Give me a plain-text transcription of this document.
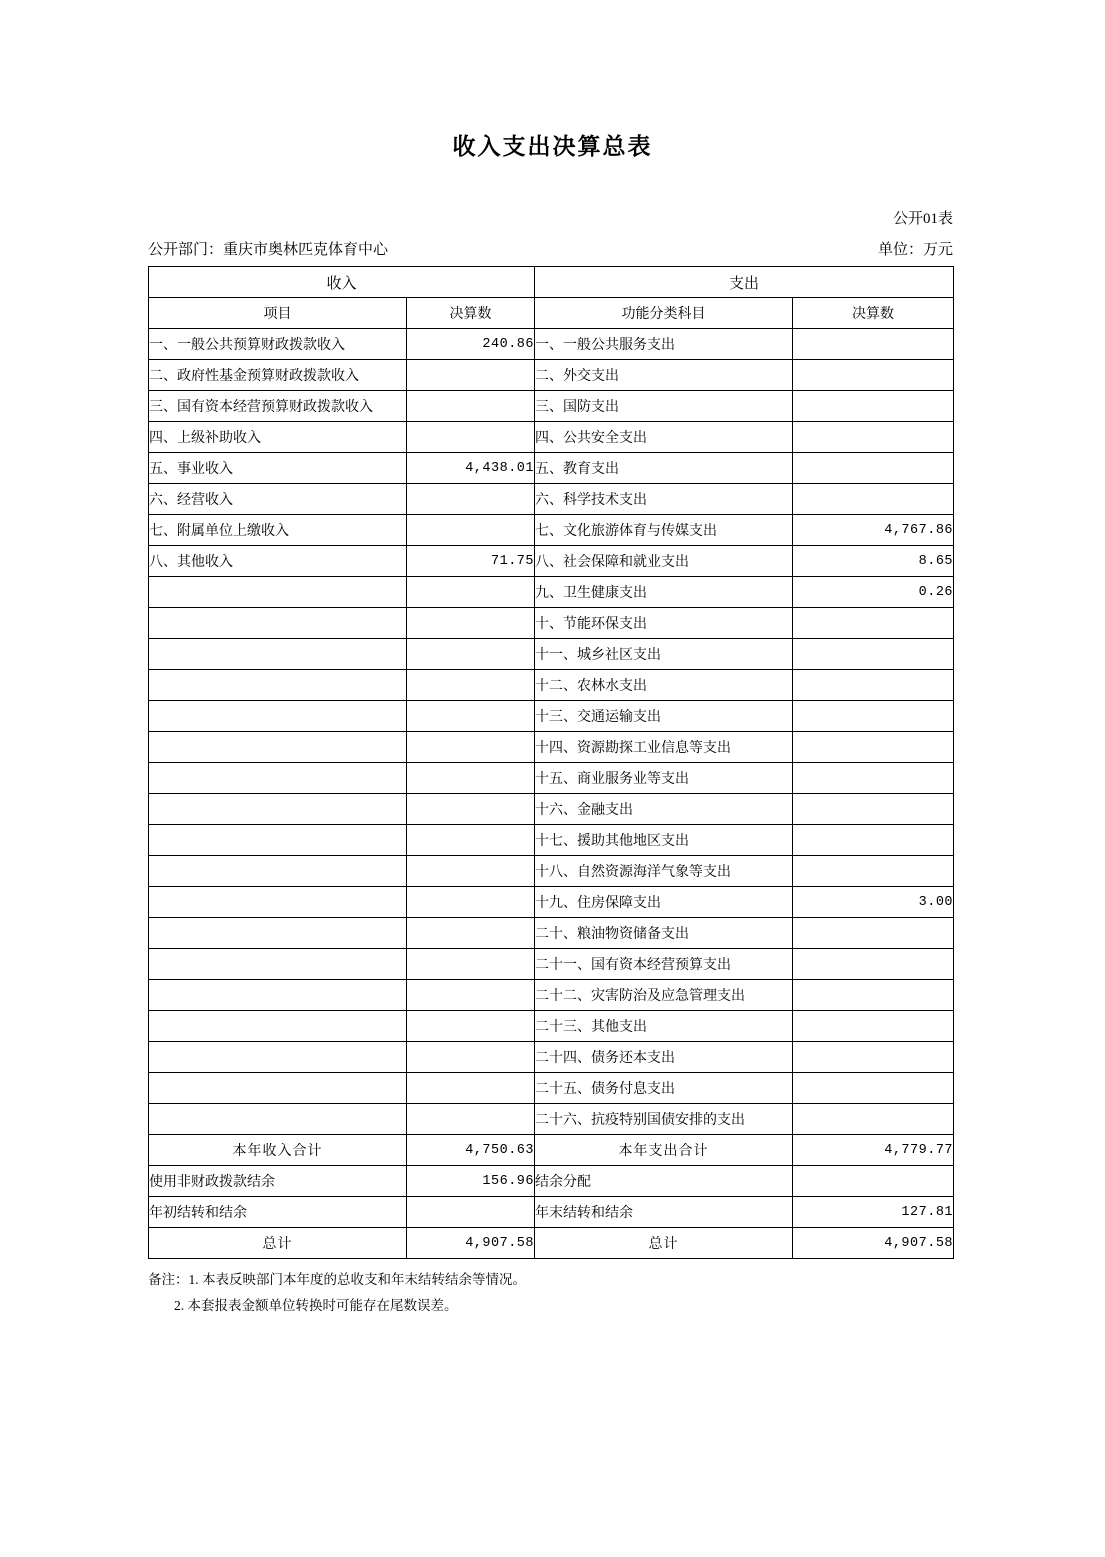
收入支出决算总表
公开01表
公开部门：重庆市奥林匹克体育中心	单位：万元
收入		支出	
项目	决算数	功能分类科目	决算数
一、一般公共预算财政拨款收入	240.86	一、一般公共服务支出	
二、政府性基金预算财政拨款收入		二、外交支出	
三、国有资本经营预算财政拨款收入		三、国防支出	
四、上级补助收入		四、公共安全支出	
五、事业收入	4,438.01	五、教育支出	
六、经营收入		六、科学技术支出	
七、附属单位上缴收入		七、文化旅游体育与传媒支出	4,767.86
八、其他收入	71.75	八、社会保障和就业支出	8.65
		九、卫生健康支出	0.26
		十、节能环保支出	
		十一、城乡社区支出	
		十二、农林水支出	
		十三、交通运输支出	
		十四、资源勘探工业信息等支出	
		十五、商业服务业等支出	
		十六、金融支出	
		十七、援助其他地区支出	
		十八、自然资源海洋气象等支出	
		十九、住房保障支出	3.00
		二十、粮油物资储备支出	
		二十一、国有资本经营预算支出	
		二十二、灾害防治及应急管理支出	
		二十三、其他支出	
		二十四、债务还本支出	
		二十五、债务付息支出	
		二十六、抗疫特别国债安排的支出	
本年收入合计	4,750.63	本年支出合计	4,779.77
使用非财政拨款结余	156.96	结余分配	
年初结转和结余		年末结转和结余	127.81
总计	4,907.58	总计	4,907.58
备注：1. 本表反映部门本年度的总收支和年末结转结余等情况。
2. 本套报表金额单位转换时可能存在尾数误差。
